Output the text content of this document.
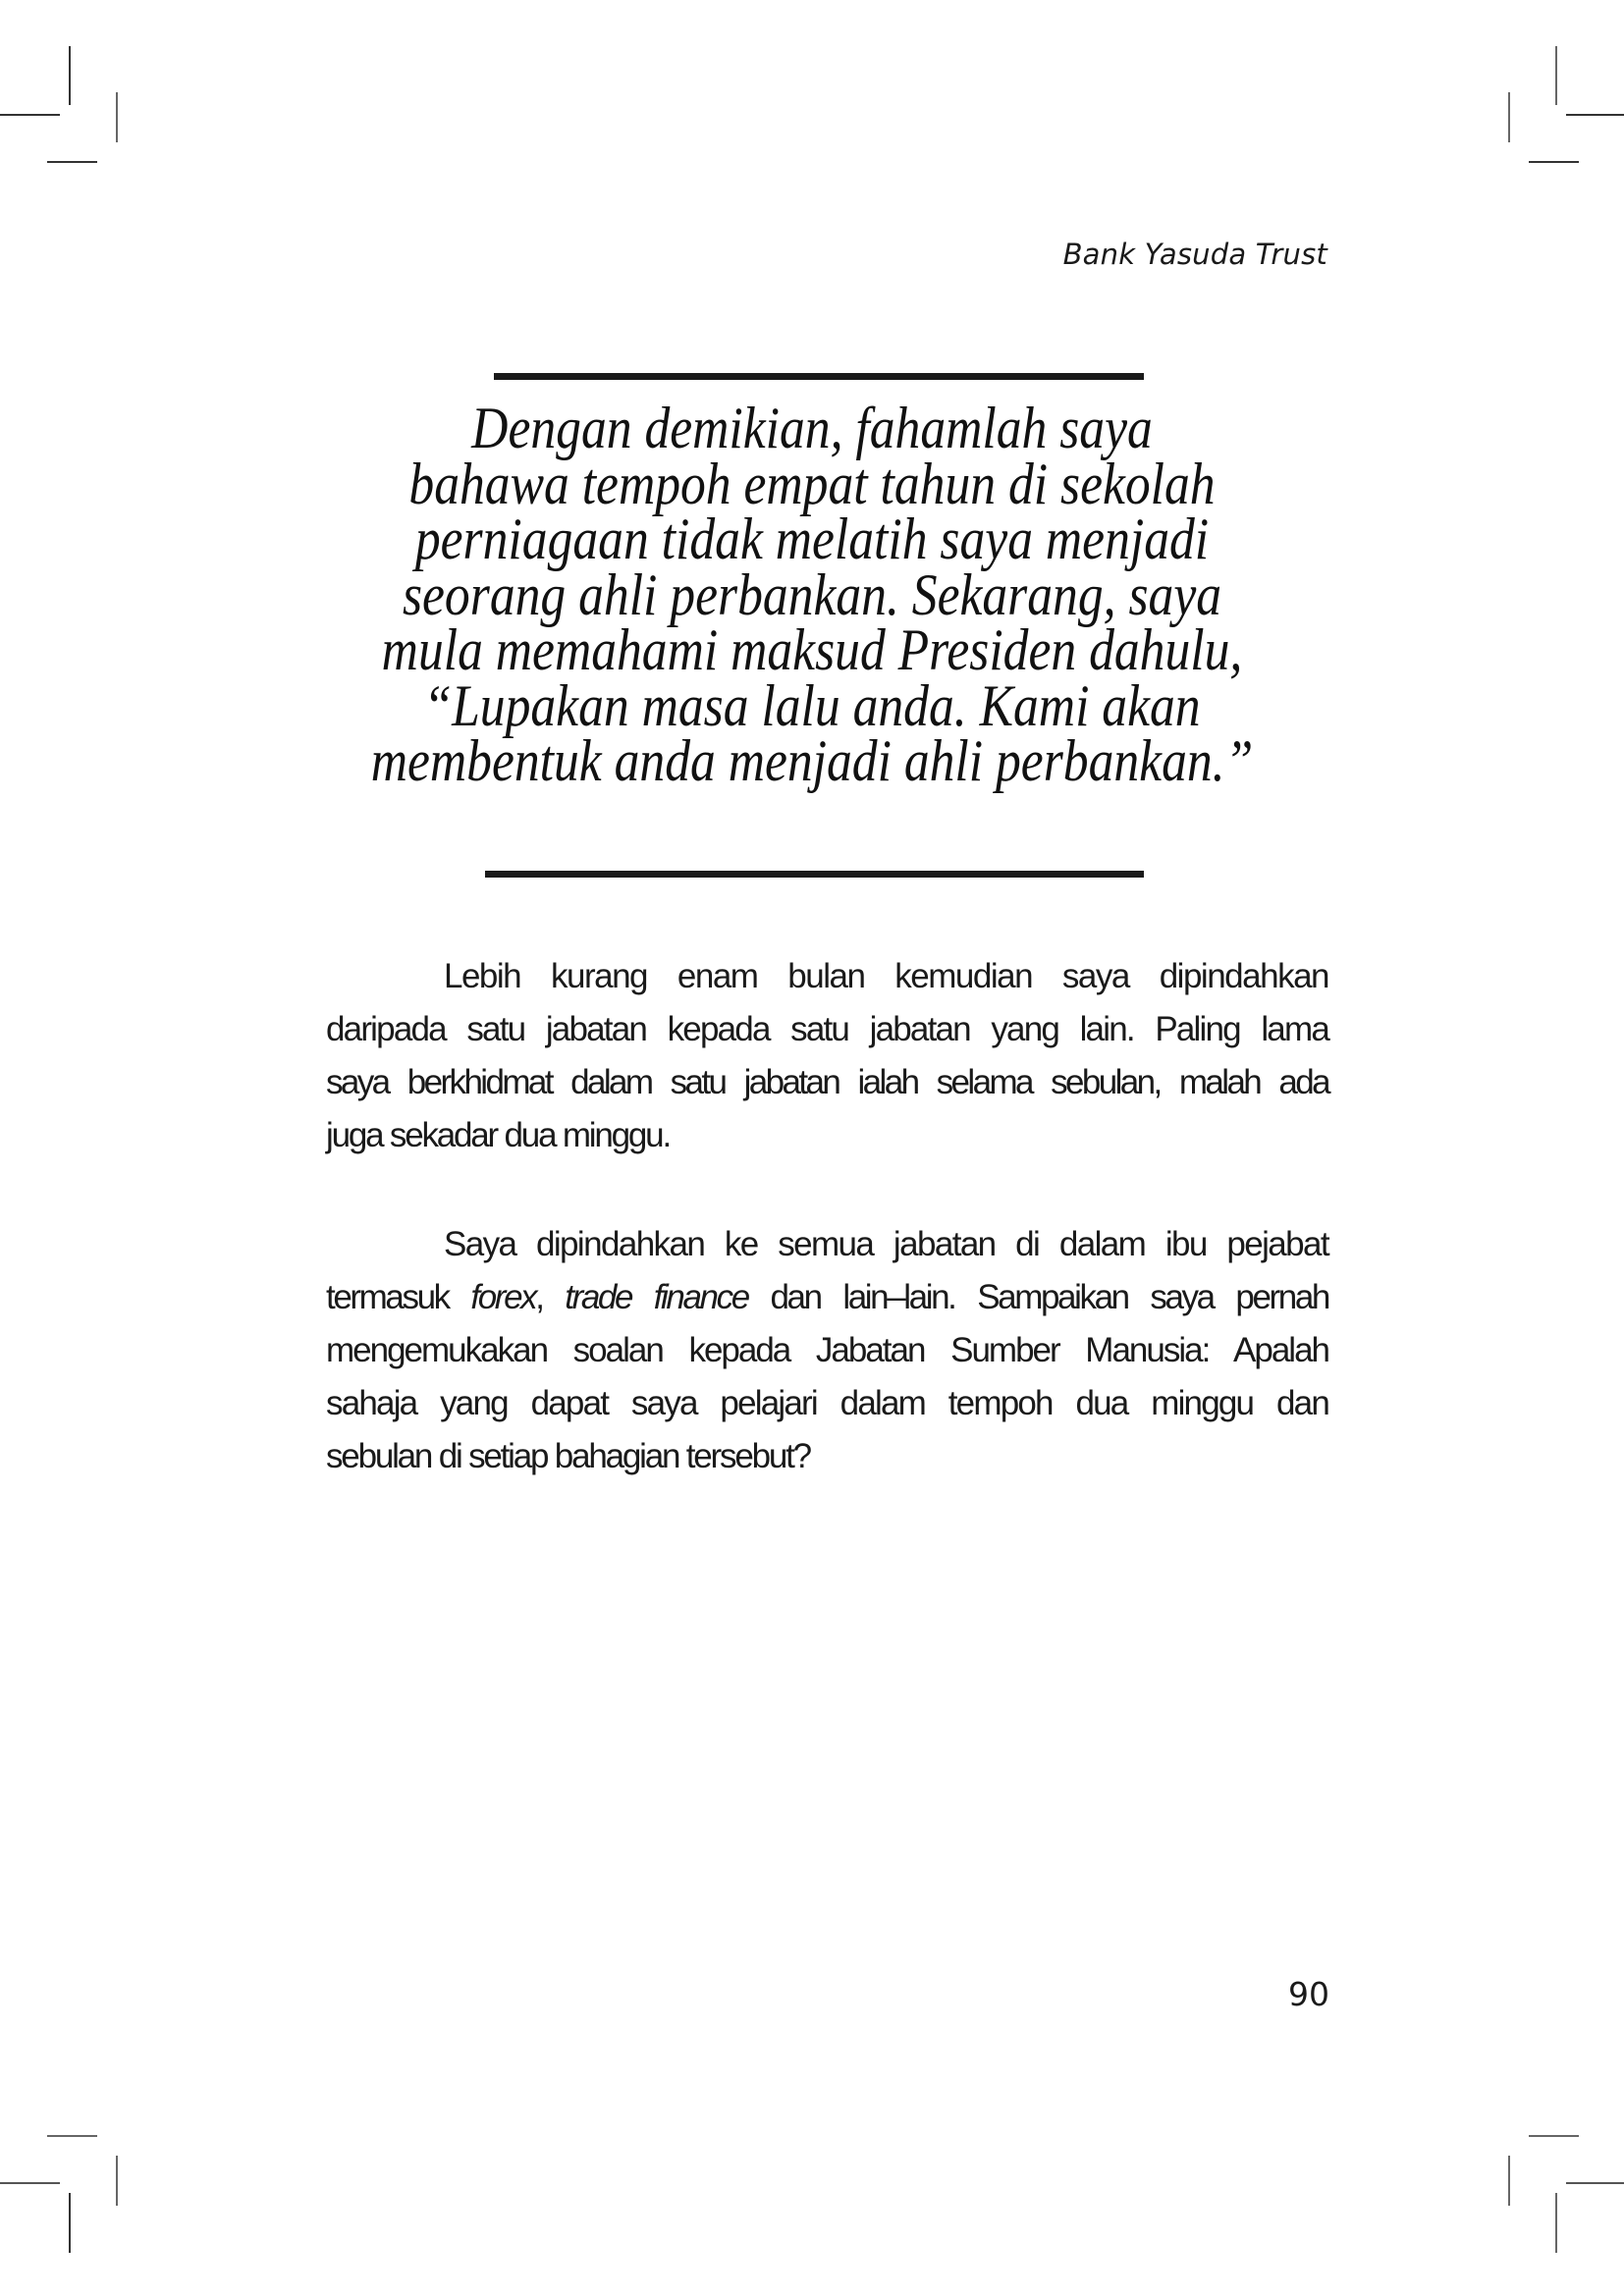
Bank Yasuda Trust
Dengan demikian, fahamlah saya
bahawa tempoh empat tahun di sekolah
perniagaan tidak melatih saya menjadi
seorang ahli perbankan. Sekarang, saya
mula memahami maksud Presiden dahulu,
“Lupakan masa lalu anda. Kami akan
membentuk anda menjadi ahli perbankan.”
Lebih kurang enam bulan kemudian saya dipindahkan
daripada satu jabatan kepada satu jabatan yang lain. Paling lama
saya berkhidmat dalam satu jabatan ialah selama sebulan, malah ada
juga sekadar dua minggu.
Saya dipindahkan ke semua jabatan di dalam ibu pejabat
termasuk forex, trade finance dan lain–lain. Sampaikan saya pernah
mengemukakan soalan kepada Jabatan Sumber Manusia: Apalah
sahaja yang dapat saya pelajari dalam tempoh dua minggu dan
sebulan di setiap bahagian tersebut?
90
